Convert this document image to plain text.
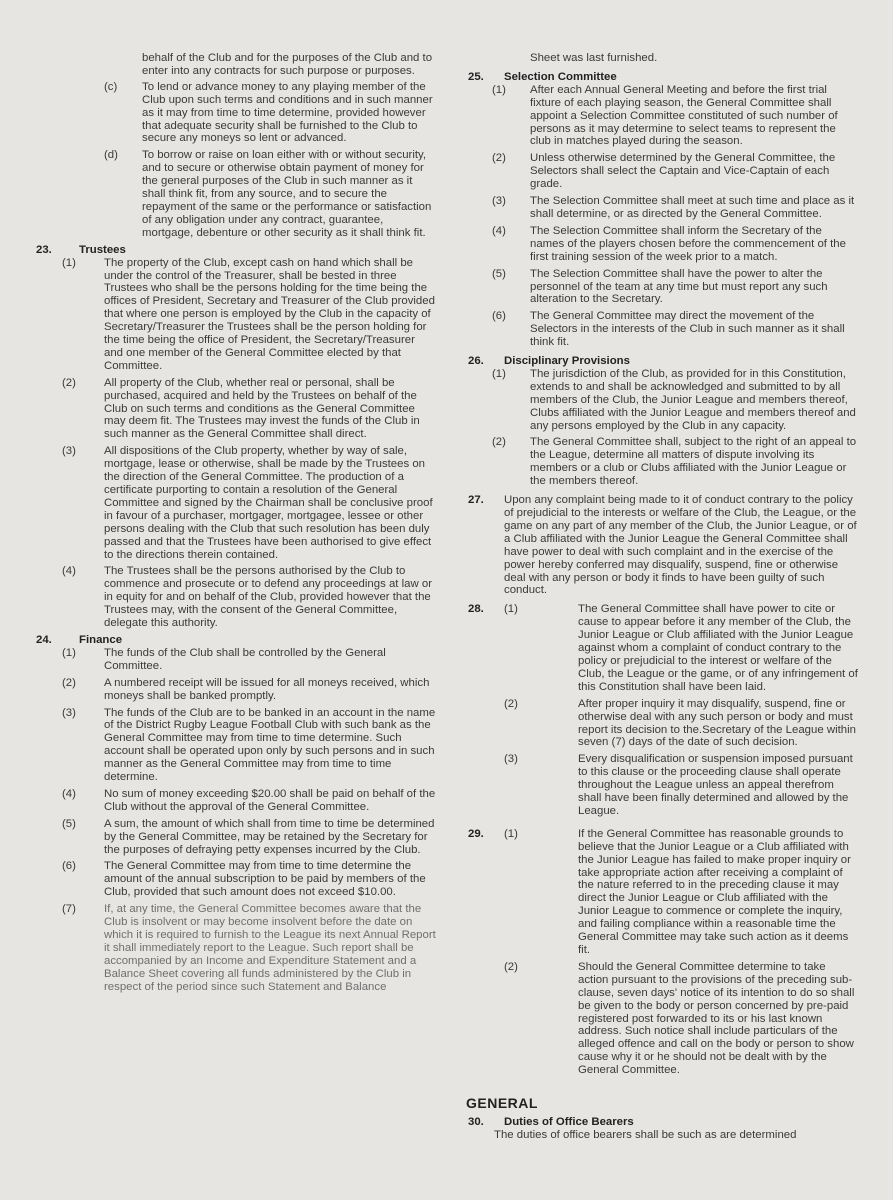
behalf of the Club and for the purposes of the Club and to enter into any contracts for such purpose or purposes.
(c)	To lend or advance money to any playing member of the Club upon such terms and conditions and in such manner as it may from time to time determine, provided however that adequate security shall be furnished to the Club to secure any moneys so lent or advanced.
(d)	To borrow or raise on loan either with or without security, and to secure or otherwise obtain payment of money for the general purposes of the Club in such manner as it shall think fit, from any source, and to secure the repayment of the same or the performance or satisfaction of any obligation under any contract, guarantee, mortgage, debenture or other security as it shall think fit.
23.	Trustees
(1)	The property of the Club, except cash on hand which shall be under the control of the Treasurer, shall be bested in three Trustees who shall be the persons holding for the time being the offices of President, Secretary and Treasurer of the Club provided that where one person is employed by the Club in the capacity of Secretary/Treasurer the Trustees shall be the person holding for the time being the office of President, the Secretary/Treasurer and one member of the General Committee elected by that Committee.
(2)	All property of the Club, whether real or personal, shall be purchased, acquired and held by the Trustees on behalf of the Club on such terms and conditions as the General Committee may deem fit. The Trustees may invest the funds of the Club in such manner as the General Committee shall direct.
(3)	All dispositions of the Club property, whether by way of sale, mortgage, lease or otherwise, shall be made by the Trustees on the direction of the General Committee. The production of a certificate purporting to contain a resolution of the General Committee and signed by the Chairman shall be conclusive proof in favour of a purchaser, mortgager, mortgagee, lessee or other persons dealing with the Club that such resolution has been duly passed and that the Trustees have been authorised to give effect to the directions therein contained.
(4)	The Trustees shall be the persons authorised by the Club to commence and prosecute or to defend any proceedings at law or in equity for and on behalf of the Club, provided however that the Trustees may, with the consent of the General Committee, delegate this authority.
24.	Finance
(1)	The funds of the Club shall be controlled by the General Committee.
(2)	A numbered receipt will be issued for all moneys received, which moneys shall be banked promptly.
(3)	The funds of the Club are to be banked in an account in the name of the District Rugby League Football Club with such bank as the General Committee may from time to time determine. Such account shall be operated upon only by such persons and in such manner as the General Committee may from time to time determine.
(4)	No sum of money exceeding $20.00 shall be paid on behalf of the Club without the approval of the General Committee.
(5)	A sum, the amount of which shall from time to time be determined by the General Committee, may be retained by the Secretary for the purposes of defraying petty expenses incurred by the Club.
(6)	The General Committee may from time to time determine the amount of the annual subscription to be paid by members of the Club, provided that such amount does not exceed $10.00.
(7)	If, at any time, the General Committee becomes aware that the Club is insolvent or may become insolvent before the date on which it is required to furnish to the League its next Annual Report it shall immediately report to the League. Such report shall be accompanied by an Income and Expenditure Statement and a Balance Sheet covering all funds administered by the Club in respect of the period since such Statement and Balance
Sheet was last furnished.
25.	Selection Committee
(1)	After each Annual General Meeting and before the first trial fixture of each playing season, the General Committee shall appoint a Selection Committee constituted of such number of persons as it may determine to select teams to represent the club in matches played during the season.
(2)	Unless otherwise determined by the General Committee, the Selectors shall select the Captain and Vice-Captain of each grade.
(3)	The Selection Committee shall meet at such time and place as it shall determine, or as directed by the General Committee.
(4)	The Selection Committee shall inform the Secretary of the names of the players chosen before the commencement of the first training session of the week prior to a match.
(5)	The Selection Committee shall have the power to alter the personnel of the team at any time but must report any such alteration to the Secretary.
(6)	The General Committee may direct the movement of the Selectors in the interests of the Club in such manner as it shall think fit.
26.	Disciplinary Provisions
(1)	The jurisdiction of the Club, as provided for in this Constitution, extends to and shall be acknowledged and submitted to by all members of the Club, the Junior League and members thereof, Clubs affiliated with the Junior League and members thereof and any persons employed by the Club in any capacity.
(2)	The General Committee shall, subject to the right of an appeal to the League, determine all matters of dispute involving its members or a club or Clubs affiliated with the Junior League or the members thereof.
27.	Upon any complaint being made to it of conduct contrary to the policy of prejudicial to the interests or welfare of the Club, the League, or the game on any part of any member of the Club, the Junior League, or of a Club affiliated with the Junior League the General Committee shall have power to deal with such complaint and in the exercise of the power hereby conferred may disqualify, suspend, fine or otherwise deal with any person or body it finds to have been guilty of such conduct.
28.	(1)	The General Committee shall have power to cite or cause to appear before it any member of the Club, the Junior League or Club affiliated with the Junior League against whom a complaint of conduct contrary to the policy or prejudicial to the interest or welfare of the Club, the League or the game, or of any infringement of this Constitution shall have been laid.
(2)	After proper inquiry it may disqualify, suspend, fine or otherwise deal with any such person or body and must report its decision to the.Secretary of the League within seven (7) days of the date of such decision.
(3)	Every disqualification or suspension imposed pursuant to this clause or the proceeding clause shall operate throughout the League unless an appeal therefrom shall have been finally determined and allowed by the League.
29.	(1)	If the General Committee has reasonable grounds to believe that the Junior League or a Club affiliated with the Junior League has failed to make proper inquiry or take appropriate action after receiving a complaint of the nature referred to in the preceding clause it may direct the Junior League or Club affiliated with the Junior League to commence or complete the inquiry, and failing compliance within a reasonable time the General Committee may take such action as it deems fit.
(2)	Should the General Committee determine to take action pursuant to the provisions of the preceding sub-clause, seven days' notice of its intention to do so shall be given to the body or person concerned by pre-paid registered post forwarded to its or his last known address. Such notice shall include particulars of the alleged offence and call on the body or person to show cause why it or he should not be dealt with by the General Committee.
GENERAL
30.	Duties of Office Bearers
The duties of office bearers shall be such as are determined
